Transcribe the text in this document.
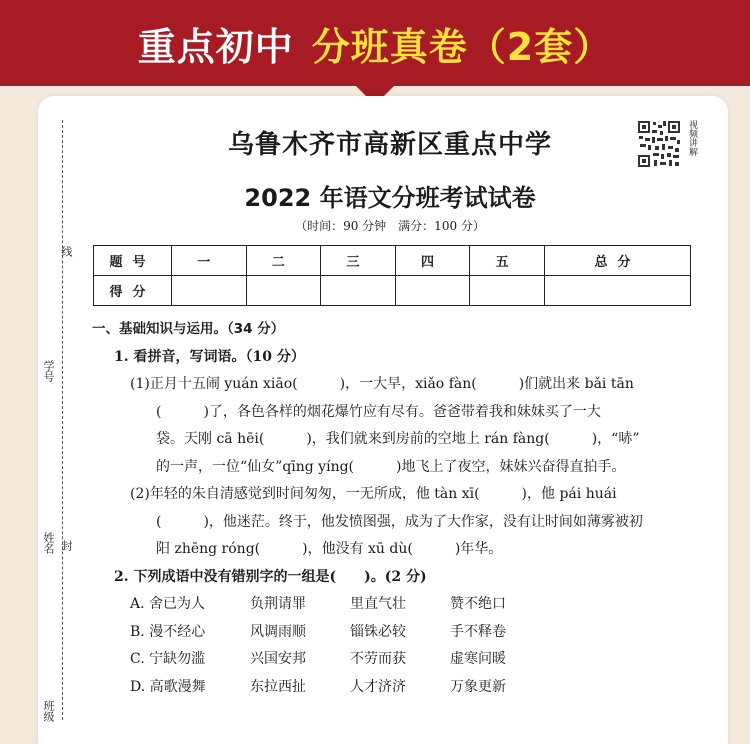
重点初中 分班真卷（2套）
线
学号
姓名 封
班级
乌鲁木齐市高新区重点中学
2022 年语文分班考试试卷
（时间：90 分钟　满分：100 分）
视频讲解
题号	一	二	三	四	五	总分
得分						
一、基础知识与运用。（34 分）
1. 看拼音，写词语。（10 分）
(1)正月十五闹 yuán xiāo(　　　)，一大早，xiǎo fàn(　　　)们就出来 bǎi tān
(　　　)了，各色各样的烟花爆竹应有尽有。爸爸带着我和妹妹买了一大
袋。天刚 cā hēi(　　　)，我们就来到房前的空地上 rán fàng(　　　)，“哧”
的一声，一位“仙女”qīng yíng(　　　)地飞上了夜空，妹妹兴奋得直拍手。
(2)年轻的朱自清感觉到时间匆匆，一无所成，他 tàn xī(　　　)，他 pái huái
(　　　)，他迷茫。终于，他发愤图强，成为了大作家，没有让时间如薄雾被初
阳 zhēng róng(　　　)，他没有 xū dù(　　　)年华。
2. 下列成语中没有错别字的一组是(　　)。(2 分)
A. 舍已为人	负荆请罪	里直气壮	赞不绝口
B. 漫不经心	风调雨顺	锱铢必较	手不释卷
C. 宁缺勿滥	兴国安邦	不劳而获	虚寒问暖
D. 高歌漫舞	东拉西扯	人才济济	万象更新
